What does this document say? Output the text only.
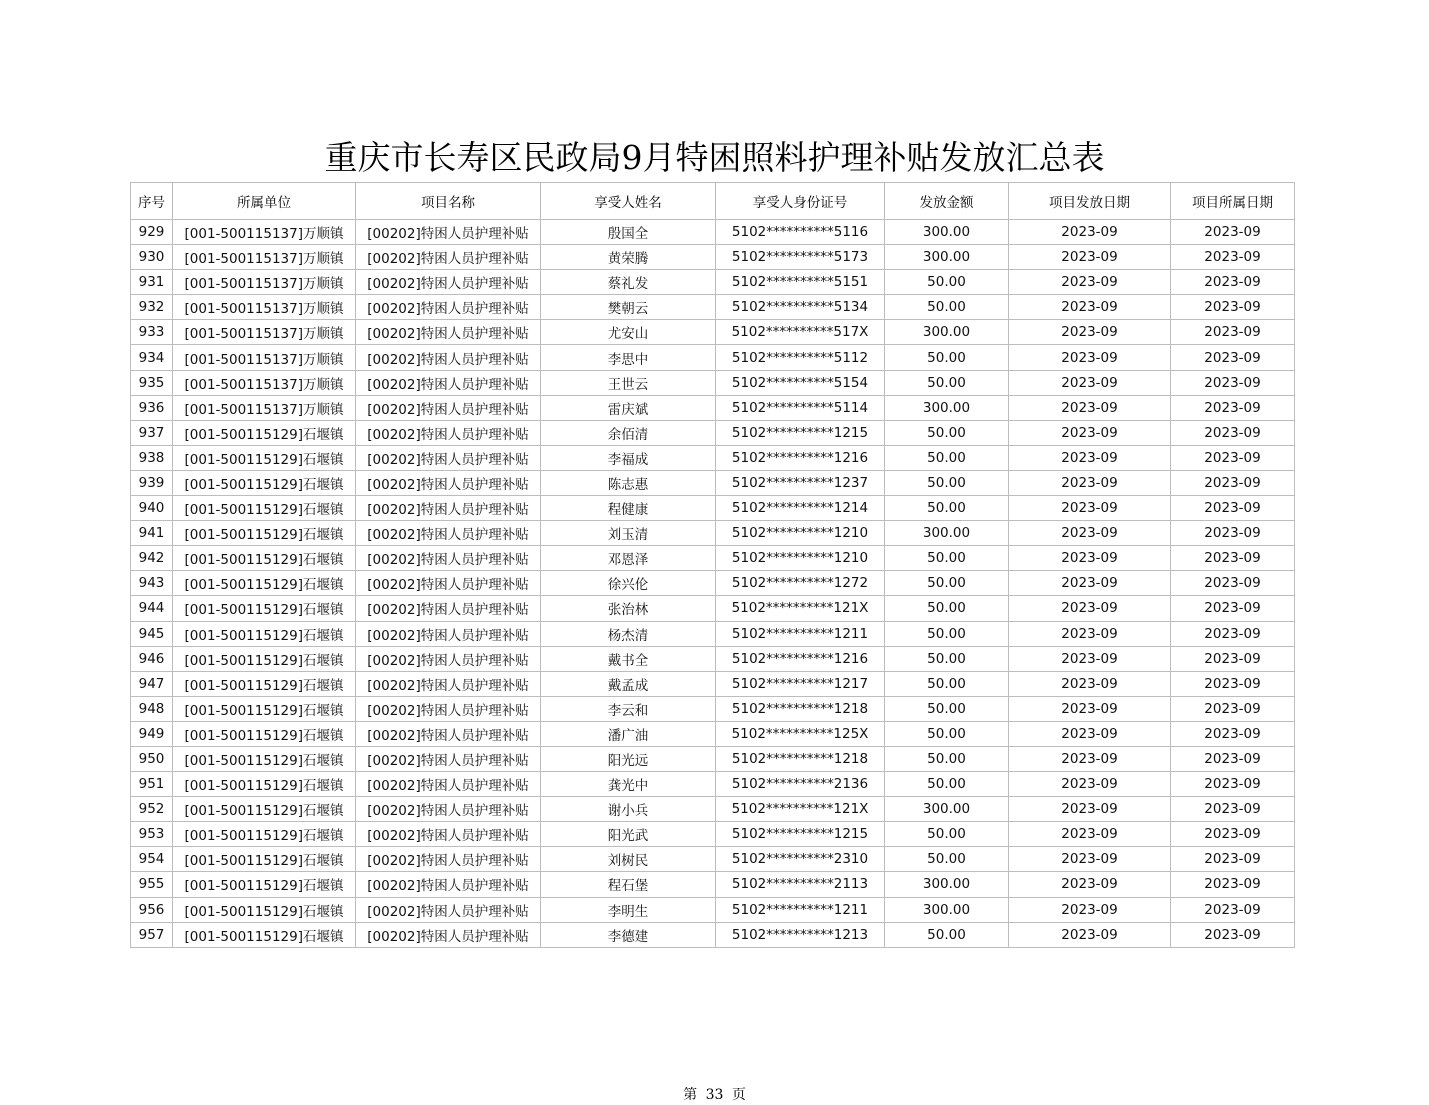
重庆市长寿区民政局9月特困照料护理补贴发放汇总表
序号	所属单位	项目名称	享受人姓名	享受人身份证号	发放金额	项目发放日期	项目所属日期
929	[001-500115137]万顺镇	[00202]特困人员护理补贴	殷国全	5102**********5116	300.00	2023-09	2023-09
930	[001-500115137]万顺镇	[00202]特困人员护理补贴	黄荣腾	5102**********5173	300.00	2023-09	2023-09
931	[001-500115137]万顺镇	[00202]特困人员护理补贴	蔡礼发	5102**********5151	50.00	2023-09	2023-09
932	[001-500115137]万顺镇	[00202]特困人员护理补贴	樊朝云	5102**********5134	50.00	2023-09	2023-09
933	[001-500115137]万顺镇	[00202]特困人员护理补贴	尤安山	5102**********517X	300.00	2023-09	2023-09
934	[001-500115137]万顺镇	[00202]特困人员护理补贴	李思中	5102**********5112	50.00	2023-09	2023-09
935	[001-500115137]万顺镇	[00202]特困人员护理补贴	王世云	5102**********5154	50.00	2023-09	2023-09
936	[001-500115137]万顺镇	[00202]特困人员护理补贴	雷庆斌	5102**********5114	300.00	2023-09	2023-09
937	[001-500115129]石堰镇	[00202]特困人员护理补贴	余佰清	5102**********1215	50.00	2023-09	2023-09
938	[001-500115129]石堰镇	[00202]特困人员护理补贴	李福成	5102**********1216	50.00	2023-09	2023-09
939	[001-500115129]石堰镇	[00202]特困人员护理补贴	陈志惠	5102**********1237	50.00	2023-09	2023-09
940	[001-500115129]石堰镇	[00202]特困人员护理补贴	程健康	5102**********1214	50.00	2023-09	2023-09
941	[001-500115129]石堰镇	[00202]特困人员护理补贴	刘玉清	5102**********1210	300.00	2023-09	2023-09
942	[001-500115129]石堰镇	[00202]特困人员护理补贴	邓恩泽	5102**********1210	50.00	2023-09	2023-09
943	[001-500115129]石堰镇	[00202]特困人员护理补贴	徐兴伦	5102**********1272	50.00	2023-09	2023-09
944	[001-500115129]石堰镇	[00202]特困人员护理补贴	张治林	5102**********121X	50.00	2023-09	2023-09
945	[001-500115129]石堰镇	[00202]特困人员护理补贴	杨杰清	5102**********1211	50.00	2023-09	2023-09
946	[001-500115129]石堰镇	[00202]特困人员护理补贴	戴书全	5102**********1216	50.00	2023-09	2023-09
947	[001-500115129]石堰镇	[00202]特困人员护理补贴	戴孟成	5102**********1217	50.00	2023-09	2023-09
948	[001-500115129]石堰镇	[00202]特困人员护理补贴	李云和	5102**********1218	50.00	2023-09	2023-09
949	[001-500115129]石堰镇	[00202]特困人员护理补贴	潘广油	5102**********125X	50.00	2023-09	2023-09
950	[001-500115129]石堰镇	[00202]特困人员护理补贴	阳光远	5102**********1218	50.00	2023-09	2023-09
951	[001-500115129]石堰镇	[00202]特困人员护理补贴	龚光中	5102**********2136	50.00	2023-09	2023-09
952	[001-500115129]石堰镇	[00202]特困人员护理补贴	谢小兵	5102**********121X	300.00	2023-09	2023-09
953	[001-500115129]石堰镇	[00202]特困人员护理补贴	阳光武	5102**********1215	50.00	2023-09	2023-09
954	[001-500115129]石堰镇	[00202]特困人员护理补贴	刘树民	5102**********2310	50.00	2023-09	2023-09
955	[001-500115129]石堰镇	[00202]特困人员护理补贴	程石堡	5102**********2113	300.00	2023-09	2023-09
956	[001-500115129]石堰镇	[00202]特困人员护理补贴	李明生	5102**********1211	300.00	2023-09	2023-09
957	[001-500115129]石堰镇	[00202]特困人员护理补贴	李德建	5102**********1213	50.00	2023-09	2023-09
第 33 页
